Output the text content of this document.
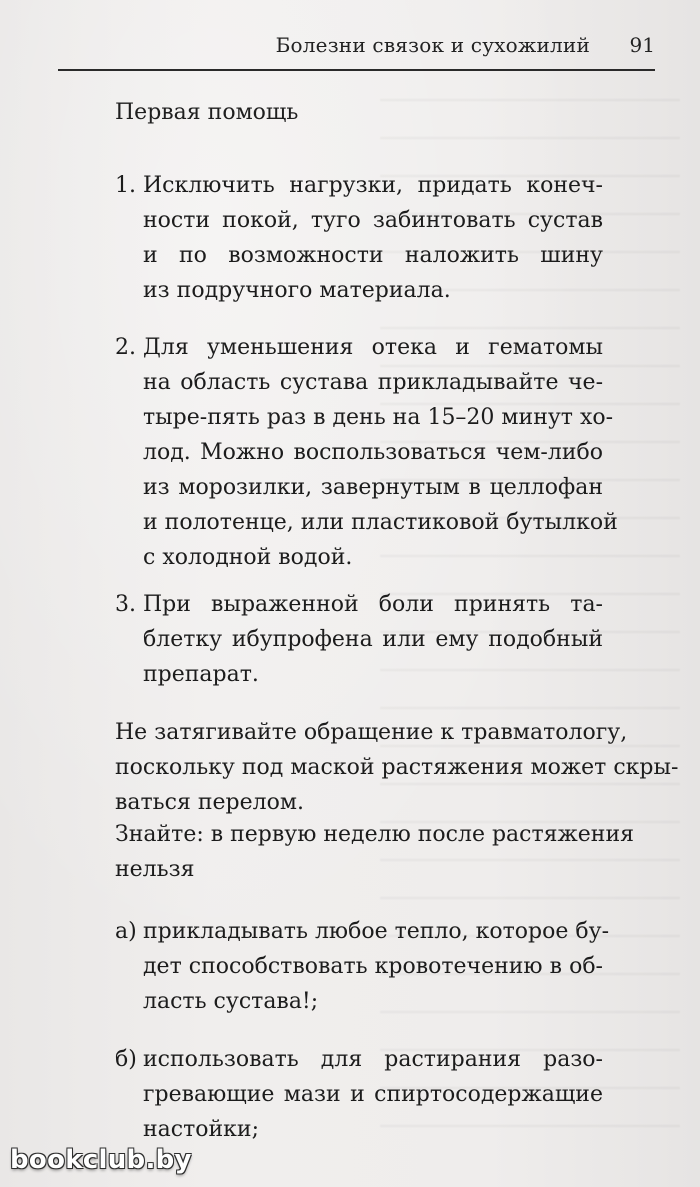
Болезни связок и сухожилий 91
Первая помощь
1. Исключить нагрузки, придать конеч-
ности покой, туго забинтовать сустав
и по возможности наложить шину
из подручного материала.
2. Для уменьшения отека и гематомы
на область сустава прикладывайте че-
тыре-пять раз в день на 15–20 минут хо-
лод. Можно воспользоваться чем-либо
из морозилки, завернутым в целлофан
и полотенце, или пластиковой бутылкой
с холодной водой.
3. При выраженной боли принять та-
блетку ибупрофена или ему подобный
препарат.
Не затягивайте обращение к травматологу,
поскольку под маской растяжения может скры-
ваться перелом.
Знайте: в первую неделю после растяжения
нельзя
а) прикладывать любое тепло, которое бу-
дет способствовать кровотечению в об-
ласть сустава!;
б) использовать для растирания разо-
гревающие мази и спиртосодержащие
настойки;
bookclub.by
